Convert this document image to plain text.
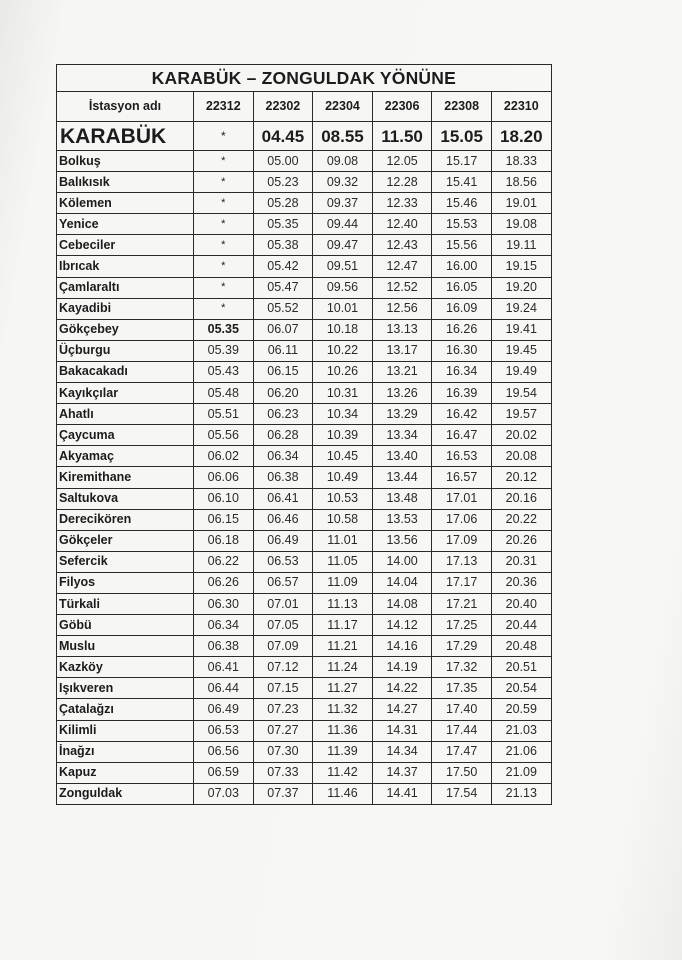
KARABÜK – ZONGULDAK YÖNÜNE						
İstasyon adı	22312	22302	22304	22306	22308	22310
KARABÜK	*	04.45	08.55	11.50	15.05	18.20
Bolkuş	*	05.00	09.08	12.05	15.17	18.33
Balıkısık	*	05.23	09.32	12.28	15.41	18.56
Kölemen	*	05.28	09.37	12.33	15.46	19.01
Yenice	*	05.35	09.44	12.40	15.53	19.08
Cebeciler	*	05.38	09.47	12.43	15.56	19.11
Ibrıcak	*	05.42	09.51	12.47	16.00	19.15
Çamlaraltı	*	05.47	09.56	12.52	16.05	19.20
Kayadibi	*	05.52	10.01	12.56	16.09	19.24
Gökçebey	05.35	06.07	10.18	13.13	16.26	19.41
Üçburgu	05.39	06.11	10.22	13.17	16.30	19.45
Bakacakadı	05.43	06.15	10.26	13.21	16.34	19.49
Kayıkçılar	05.48	06.20	10.31	13.26	16.39	19.54
Ahatlı	05.51	06.23	10.34	13.29	16.42	19.57
Çaycuma	05.56	06.28	10.39	13.34	16.47	20.02
Akyamaç	06.02	06.34	10.45	13.40	16.53	20.08
Kiremithane	06.06	06.38	10.49	13.44	16.57	20.12
Saltukova	06.10	06.41	10.53	13.48	17.01	20.16
Derecikören	06.15	06.46	10.58	13.53	17.06	20.22
Gökçeler	06.18	06.49	11.01	13.56	17.09	20.26
Sefercik	06.22	06.53	11.05	14.00	17.13	20.31
Filyos	06.26	06.57	11.09	14.04	17.17	20.36
Türkali	06.30	07.01	11.13	14.08	17.21	20.40
Göbü	06.34	07.05	11.17	14.12	17.25	20.44
Muslu	06.38	07.09	11.21	14.16	17.29	20.48
Kazköy	06.41	07.12	11.24	14.19	17.32	20.51
Işıkveren	06.44	07.15	11.27	14.22	17.35	20.54
Çatalağzı	06.49	07.23	11.32	14.27	17.40	20.59
Kilimli	06.53	07.27	11.36	14.31	17.44	21.03
İnağzı	06.56	07.30	11.39	14.34	17.47	21.06
Kapuz	06.59	07.33	11.42	14.37	17.50	21.09
Zonguldak	07.03	07.37	11.46	14.41	17.54	21.13
